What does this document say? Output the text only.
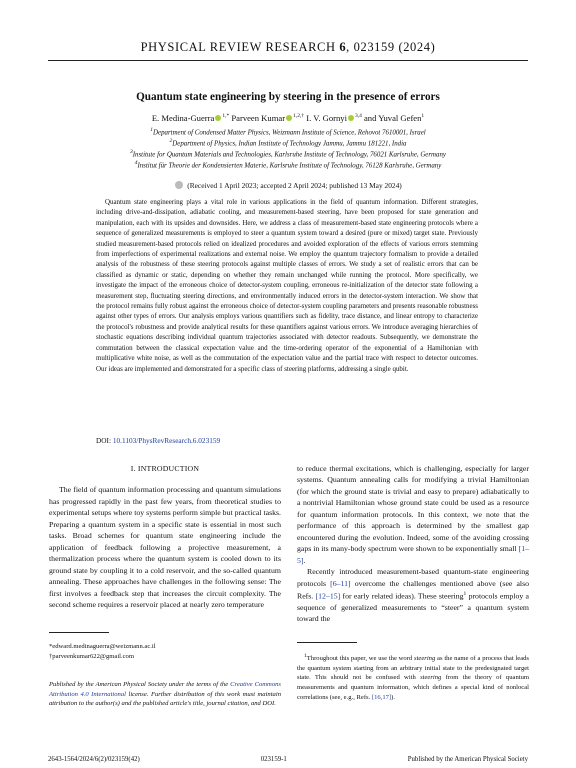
PHYSICAL REVIEW RESEARCH 6, 023159 (2024)
Quantum state engineering by steering in the presence of errors
E. Medina-Guerra $^{1,*}$ Parveen Kumar $^{1,2,\dagger}$ I. V. Gornyi $^{3,4}$ and Yuval Gefen$^1$
$^1$Department of Condensed Matter Physics, Weizmann Institute of Science, Rehovot 7610001, Israel
$^2$Department of Physics, Indian Institute of Technology Jammu, Jammu 181221, India
$^3$Institute for Quantum Materials and Technologies, Karlsruhe Institute of Technology, 76021 Karlsruhe, Germany
$^4$Institut für Theorie der Kondensierten Materie, Karlsruhe Institute of Technology, 76128 Karlsruhe, Germany
(Received 1 April 2023; accepted 2 April 2024; published 13 May 2024)
Quantum state engineering plays a vital role in various applications in the field of quantum information. Different strategies, including drive-and-dissipation, adiabatic cooling, and measurement-based steering, have been proposed for state generation and manipulation, each with its upsides and downsides. Here, we address a class of measurement-based state engineering protocols where a sequence of generalized measurements is employed to steer a quantum system toward a desired (pure or mixed) target state. Previously studied measurement-based protocols relied on idealized procedures and avoided exploration of the effects of various errors stemming from imperfections of experimental realizations and external noise. We employ the quantum trajectory formalism to provide a detailed analysis of the robustness of these steering protocols against multiple classes of errors. We study a set of realistic errors that can be classified as dynamic or static, depending on whether they remain unchanged while running the protocol. More specifically, we investigate the impact of the erroneous choice of detector-system coupling, erroneous re-initialization of the detector state following a measurement step, fluctuating steering directions, and environmentally induced errors in the detector-system interaction. We show that the protocol remains fully robust against the erroneous choice of detector-system coupling parameters and presents reasonable robustness against other types of errors. Our analysis employs various quantifiers such as fidelity, trace distance, and linear entropy to characterize the protocol's robustness and provide analytical results for these quantifiers against various errors. We introduce averaging hierarchies of stochastic equations describing individual quantum trajectories associated with detector readouts. Subsequently, we demonstrate the commutation between the classical expectation value and the time-ordering operator of the exponential of a Hamiltonian with multiplicative white noise, as well as the commutation of the expectation value and the partial trace with respect to detector outcomes. Our ideas are implemented and demonstrated for a specific class of steering platforms, addressing a single qubit.
DOI: 10.1103/PhysRevResearch.6.023159
I. INTRODUCTION

The field of quantum information processing and quantum simulations has progressed rapidly in the past few years, from theoretical studies to experimental setups where toy systems perform simple but practical tasks. Preparing a quantum system in a specific state is essential in most such tasks. Broad schemes for quantum state engineering include the application of feedback following a projective measurement, a thermalization process where the quantum system is cooled down to its ground state by coupling it to a cold reservoir, and the so-called quantum annealing. These approaches have challenges in the following sense: The first involves a feedback step that increases the circuit complexity. The second scheme requires a reservoir placed at nearly zero temperature

to reduce thermal excitations, which is challenging, especially for larger systems. Quantum annealing calls for modifying a trivial Hamiltonian (for which the ground state is trivial and easy to prepare) adiabatically to a nontrivial Hamiltonian whose ground state could be used as a resource for quantum information protocols. In this context, we note that the performance of this approach is determined by the smallest gap encountered during the evolution. Indeed, some of the avoiding crossing gaps in its many-body spectrum were shown to be exponentially small [1–5].

Recently introduced measurement-based quantum-state engineering protocols [6–11] overcome the challenges mentioned above (see also Refs. [12–15] for early related ideas). These steering$^1$ protocols employ a sequence of generalized measurements to “steer” a quantum system toward the

*edward.medinaguerra@weizmann.ac.il
†parveenkumar622@gmail.com
Published by the American Physical Society under the terms of the Creative Commons Attribution 4.0 International license. Further distribution of this work must maintain attribution to the author(s) and the published article's title, journal citation, and DOI.
$^1$Throughout this paper, we use the word steering as the name of a process that leads the quantum system starting from an arbitrary initial state to the predesignated target state. This should not be confused with steering from the theory of quantum measurements and quantum information, which defines a special kind of nonlocal correlations (see, e.g., Refs. [16,17]).
2643-1564/2024/6(2)/023159(42)	023159-1	Published by the American Physical Society
